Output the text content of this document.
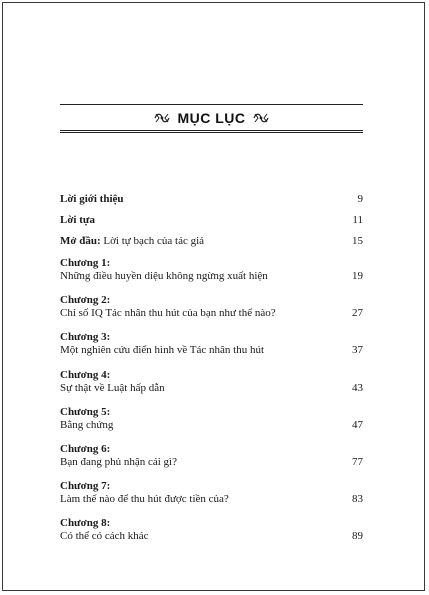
MỤC LỤC
Lời giới thiệu	9
Lời tựa	11
Mở đầu: Lời tự bạch của tác giả	15
Chương 1:
Những điều huyền diệu không ngừng xuất hiện	19
Chương 2:
Chỉ số IQ Tác nhân thu hút của bạn như thế nào?	27
Chương 3:
Một nghiên cứu điển hình về Tác nhân thu hút	37
Chương 4:
Sự thật về Luật hấp dẫn	43
Chương 5:
Bằng chứng	47
Chương 6:
Bạn đang phủ nhận cái gì?	77
Chương 7:
Làm thế nào để thu hút được tiền của?	83
Chương 8:
Có thể có cách khác	89
